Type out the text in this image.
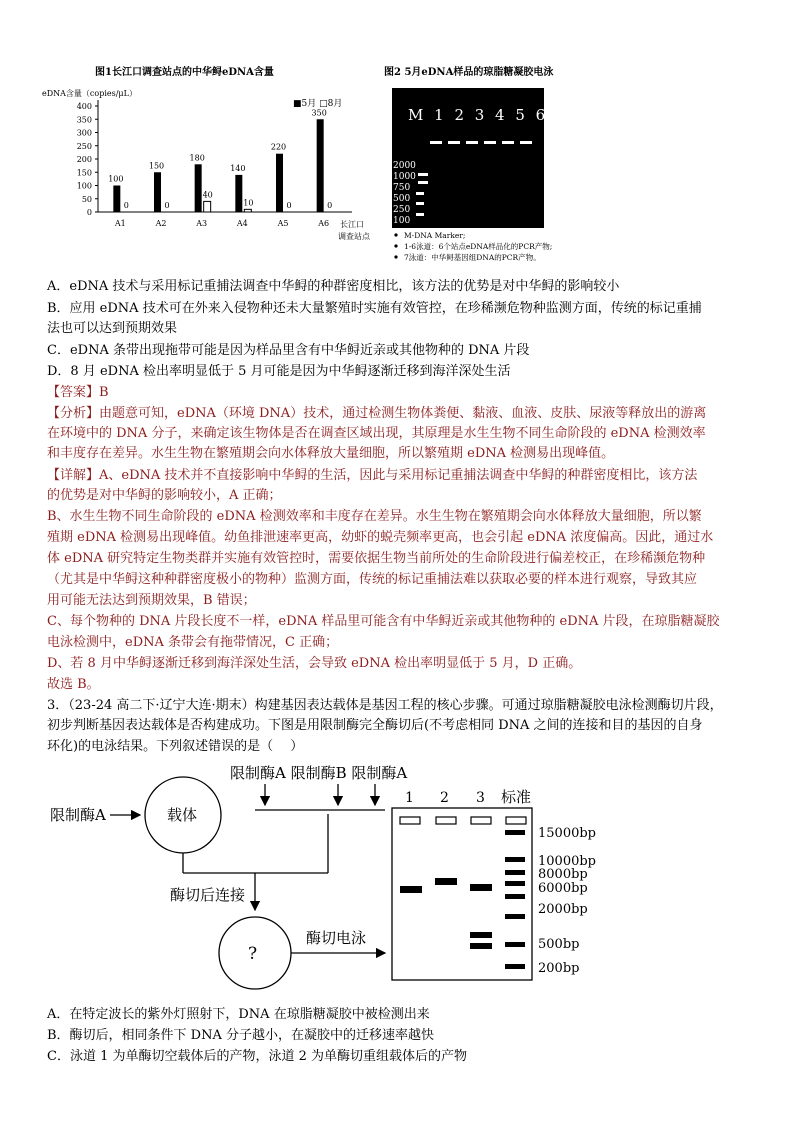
图1长江口调查站点的中华鲟eDNA含量
eDNA含量（copies/μL）
■5月 □8月
长江口
调查站点
0
50
100
150
200
250
300
350
400
100
0
A1
150
0
A2
180
40
A3
140
10
A4
220
0
A5
350
0
A6
图2 5月eDNA样品的琼脂糖凝胶电泳
M 1 2 3 4 5 6 7
2000
1000
750
500
250
100
M-DNA Marker;
1-6泳道：6个站点eDNA样品化的PCR产物;
7泳道：中华鲟基因组DNA的PCR产物。
A．eDNA 技术与采用标记重捕法调查中华鲟的种群密度相比，该方法的优势是对中华鲟的影响较小
B．应用 eDNA 技术可在外来入侵物种还未大量繁殖时实施有效管控，在珍稀濒危物种监测方面，传统的标记重捕
法也可以达到预期效果
C．eDNA 条带出现拖带可能是因为样品里含有中华鲟近亲或其他物种的 DNA 片段
D．8 月 eDNA 检出率明显低于 5 月可能是因为中华鲟逐渐迁移到海洋深处生活
【答案】B
【分析】由题意可知，eDNA（环境 DNA）技术，通过检测生物体粪便、黏液、血液、皮肤、尿液等释放出的游离
在环境中的 DNA 分子，来确定该生物体是否在调查区域出现，其原理是水生生物不同生命阶段的 eDNA 检测效率
和丰度存在差异。水生生物在繁殖期会向水体释放大量细胞，所以繁殖期 eDNA 检测易出现峰值。
【详解】A、eDNA 技术并不直接影响中华鲟的生活，因此与采用标记重捕法调查中华鲟的种群密度相比，该方法
的优势是对中华鲟的影响较小，A 正确；
B、水生生物不同生命阶段的 eDNA 检测效率和丰度存在差异。水生生物在繁殖期会向水体释放大量细胞，所以繁
殖期 eDNA 检测易出现峰值。幼鱼排泄速率更高，幼虾的蜕壳频率更高，也会引起 eDNA 浓度偏高。因此，通过水
体 eDNA 研究特定生物类群并实施有效管控时，需要依据生物当前所处的生命阶段进行偏差校正，在珍稀濒危物种
（尤其是中华鲟这种种群密度极小的物种）监测方面，传统的标记重捕法难以获取必要的样本进行观察，导致其应
用可能无法达到预期效果，B 错误；
C、每个物种的 DNA 片段长度不一样，eDNA 样品里可能含有中华鲟近亲或其他物种的 eDNA 片段，在琼脂糖凝胶
电泳检测中，eDNA 条带会有拖带情况，C 正确；
D、若 8 月中华鲟逐渐迁移到海洋深处生活，会导致 eDNA 检出率明显低于 5 月，D 正确。
故选 B。
3．（23-24 高二下·辽宁大连·期末）构建基因表达载体是基因工程的核心步骤。可通过琼脂糖凝胶电泳检测酶切片段，
初步判断基因表达载体是否构建成功。下图是用限制酶完全酶切后(不考虑相同 DNA 之间的连接和目的基因的自身
环化)的电泳结果。下列叙述错误的是（　 ）
限制酶A	载体
限制酶A 限制酶B 限制酶A
酶切后连接
?
酶切电泳
1 2 3 标准
15000bp
10000bp
8000bp
6000bp
2000bp
500bp
200bp
A．在特定波长的紫外灯照射下，DNA 在琼脂糖凝胶中被检测出来
B．酶切后，相同条件下 DNA 分子越小，在凝胶中的迁移速率越快
C．泳道 1 为单酶切空载体后的产物，泳道 2 为单酶切重组载体后的产物
